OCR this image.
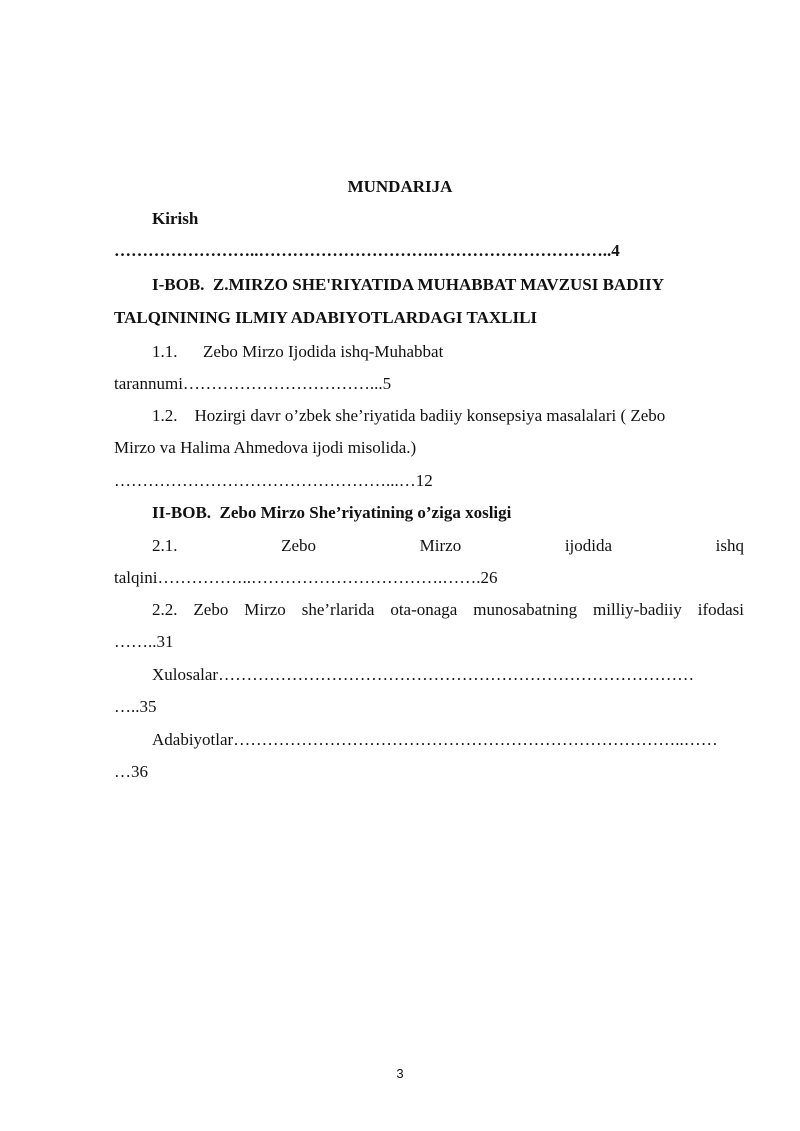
MUNDARIJA
Kirish
……………………..………………………….…………………………..4
I-BOB.  Z.MIRZO SHE'RIYATIDA MUHABBAT MAVZUSI BADIIY
TALQININING ILMIY ADABIYOTLARDAGI TAXLILI
1.1.      Zebo Mirzo Ijodida ishq-Muhabbat
tarannumi……………………………...5
1.2.    Hozirgi davr o’zbek she’riyatida badiiy konsepsiya masalalari ( Zebo
Mirzo va Halima Ahmedova ijodi misolida.)
…………………………………………...…12
II-BOB.  Zebo Mirzo She’riyatining o’ziga xosligi
2.1.	Zebo	Mirzo	ijodida	ishq
talqini……………..…………………………….…….26
2.2. Zebo Mirzo she’rlarida ota-onaga munosabatning milliy-badiiy ifodasi
……..31
Xulosalar…………………………………………………………………………
…..35
Adabiyotlar……………………………………………………………………..……
…36
3
